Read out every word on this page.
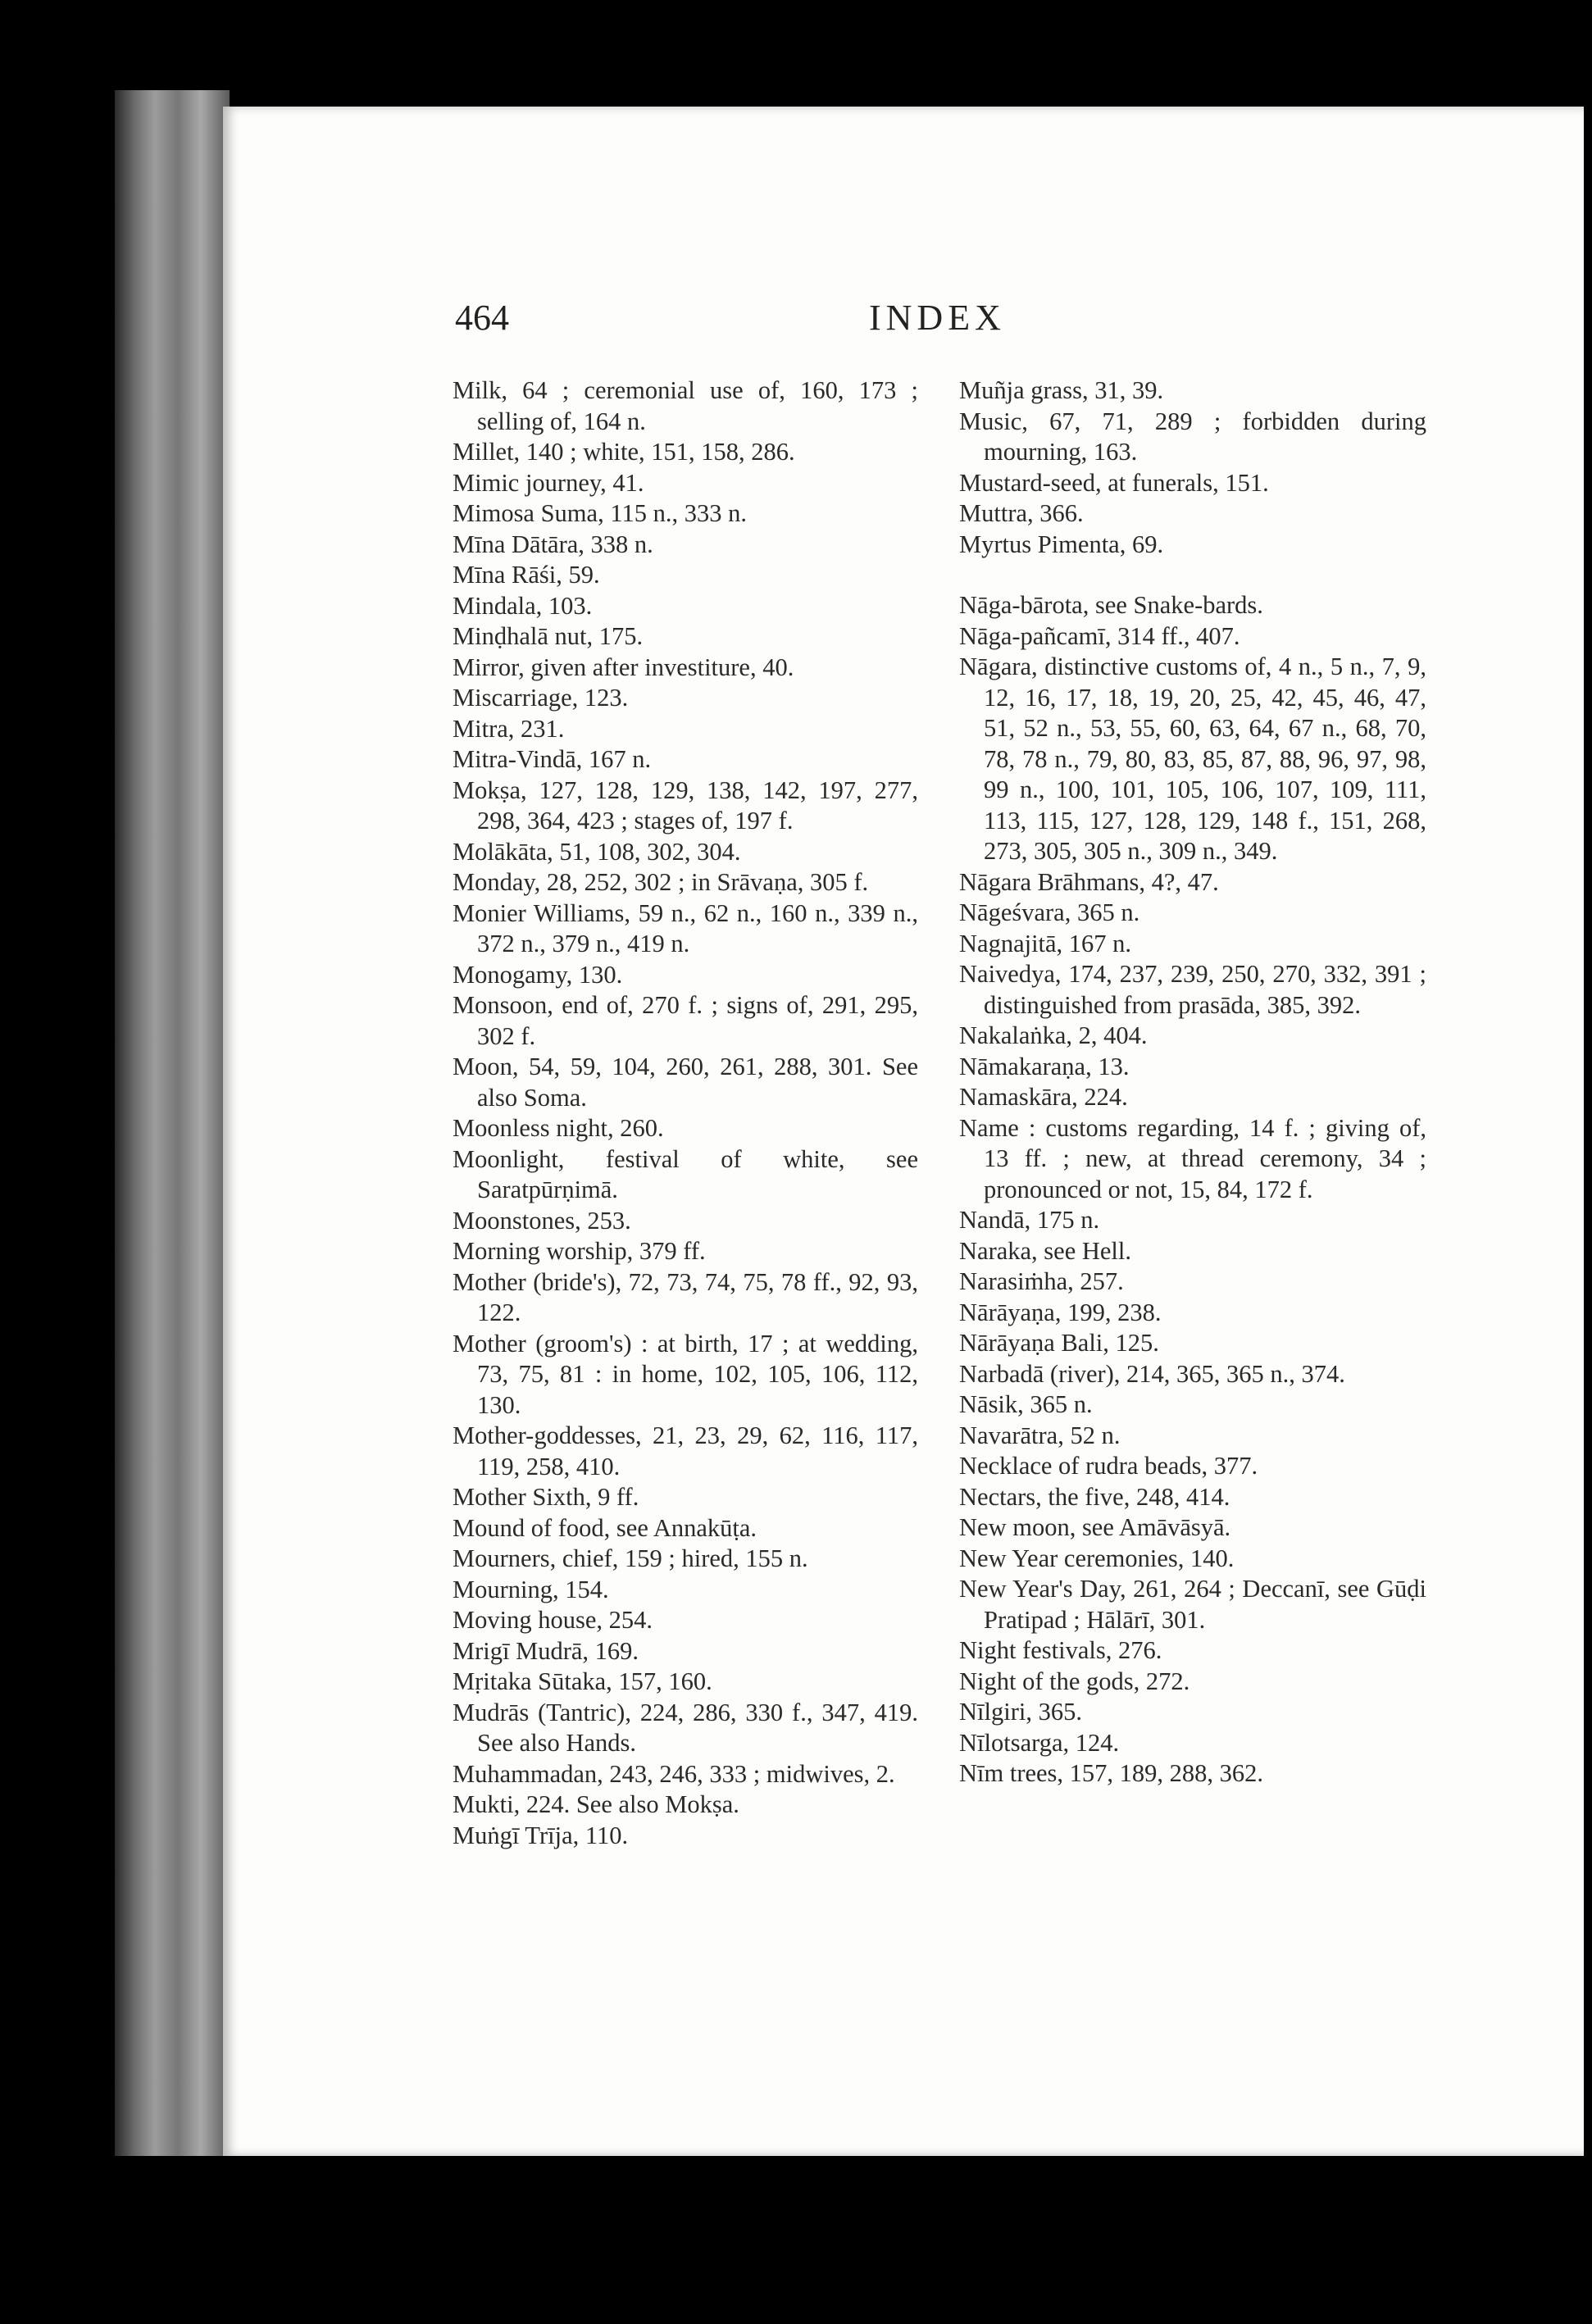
464	INDEX
Milk, 64 ; ceremonial use of, 160, 173 ; selling of, 164 n.
Millet, 140 ; white, 151, 158, 286.
Mimic journey, 41.
Mimosa Suma, 115 n., 333 n.
Mīna Dātāra, 338 n.
Mīna Rāśi, 59.
Mindala, 103.
Minḍhalā nut, 175.
Mirror, given after investiture, 40.
Miscarriage, 123.
Mitra, 231.
Mitra-Vindā, 167 n.
Mokṣa, 127, 128, 129, 138, 142, 197, 277, 298, 364, 423 ; stages of, 197 f.
Molākāta, 51, 108, 302, 304.
Monday, 28, 252, 302 ; in Srāvaṇa, 305 f.
Monier Williams, 59 n., 62 n., 160 n., 339 n., 372 n., 379 n., 419 n.
Monogamy, 130.
Monsoon, end of, 270 f. ; signs of, 291, 295, 302 f.
Moon, 54, 59, 104, 260, 261, 288, 301. See also Soma.
Moonless night, 260.
Moonlight, festival of white, see Saratpūrṇimā.
Moonstones, 253.
Morning worship, 379 ff.
Mother (bride's), 72, 73, 74, 75, 78 ff., 92, 93, 122.
Mother (groom's) : at birth, 17 ; at wedding, 73, 75, 81 : in home, 102, 105, 106, 112, 130.
Mother-goddesses, 21, 23, 29, 62, 116, 117, 119, 258, 410.
Mother Sixth, 9 ff.
Mound of food, see Annakūṭa.
Mourners, chief, 159 ; hired, 155 n.
Mourning, 154.
Moving house, 254.
Mrigī Mudrā, 169.
Mṛitaka Sūtaka, 157, 160.
Mudrās (Tantric), 224, 286, 330 f., 347, 419. See also Hands.
Muhammadan, 243, 246, 333 ; midwives, 2.
Mukti, 224. See also Mokṣa.
Muṅgī Trīja, 110.
Muñja grass, 31, 39.
Music, 67, 71, 289 ; forbidden during mourning, 163.
Mustard-seed, at funerals, 151.
Muttra, 366.
Myrtus Pimenta, 69.
Nāga-bārota, see Snake-bards.
Nāga-pañcamī, 314 ff., 407.
Nāgara, distinctive customs of, 4 n., 5 n., 7, 9, 12, 16, 17, 18, 19, 20, 25, 42, 45, 46, 47, 51, 52 n., 53, 55, 60, 63, 64, 67 n., 68, 70, 78, 78 n., 79, 80, 83, 85, 87, 88, 96, 97, 98, 99 n., 100, 101, 105, 106, 107, 109, 111, 113, 115, 127, 128, 129, 148 f., 151, 268, 273, 305, 305 n., 309 n., 349.
Nāgara Brāhmans, 4?, 47.
Nāgeśvara, 365 n.
Nagnajitā, 167 n.
Naivedya, 174, 237, 239, 250, 270, 332, 391 ; distinguished from prasāda, 385, 392.
Nakalaṅka, 2, 404.
Nāmakaraṇa, 13.
Namaskāra, 224.
Name : customs regarding, 14 f. ; giving of, 13 ff. ; new, at thread ceremony, 34 ; pronounced or not, 15, 84, 172 f.
Nandā, 175 n.
Naraka, see Hell.
Narasiṁha, 257.
Nārāyaṇa, 199, 238.
Nārāyaṇa Bali, 125.
Narbadā (river), 214, 365, 365 n., 374.
Nāsik, 365 n.
Navarātra, 52 n.
Necklace of rudra beads, 377.
Nectars, the five, 248, 414.
New moon, see Amāvāsyā.
New Year ceremonies, 140.
New Year's Day, 261, 264 ; Deccanī, see Gūḍi Pratipad ; Hālārī, 301.
Night festivals, 276.
Night of the gods, 272.
Nīlgiri, 365.
Nīlotsarga, 124.
Nīm trees, 157, 189, 288, 362.
